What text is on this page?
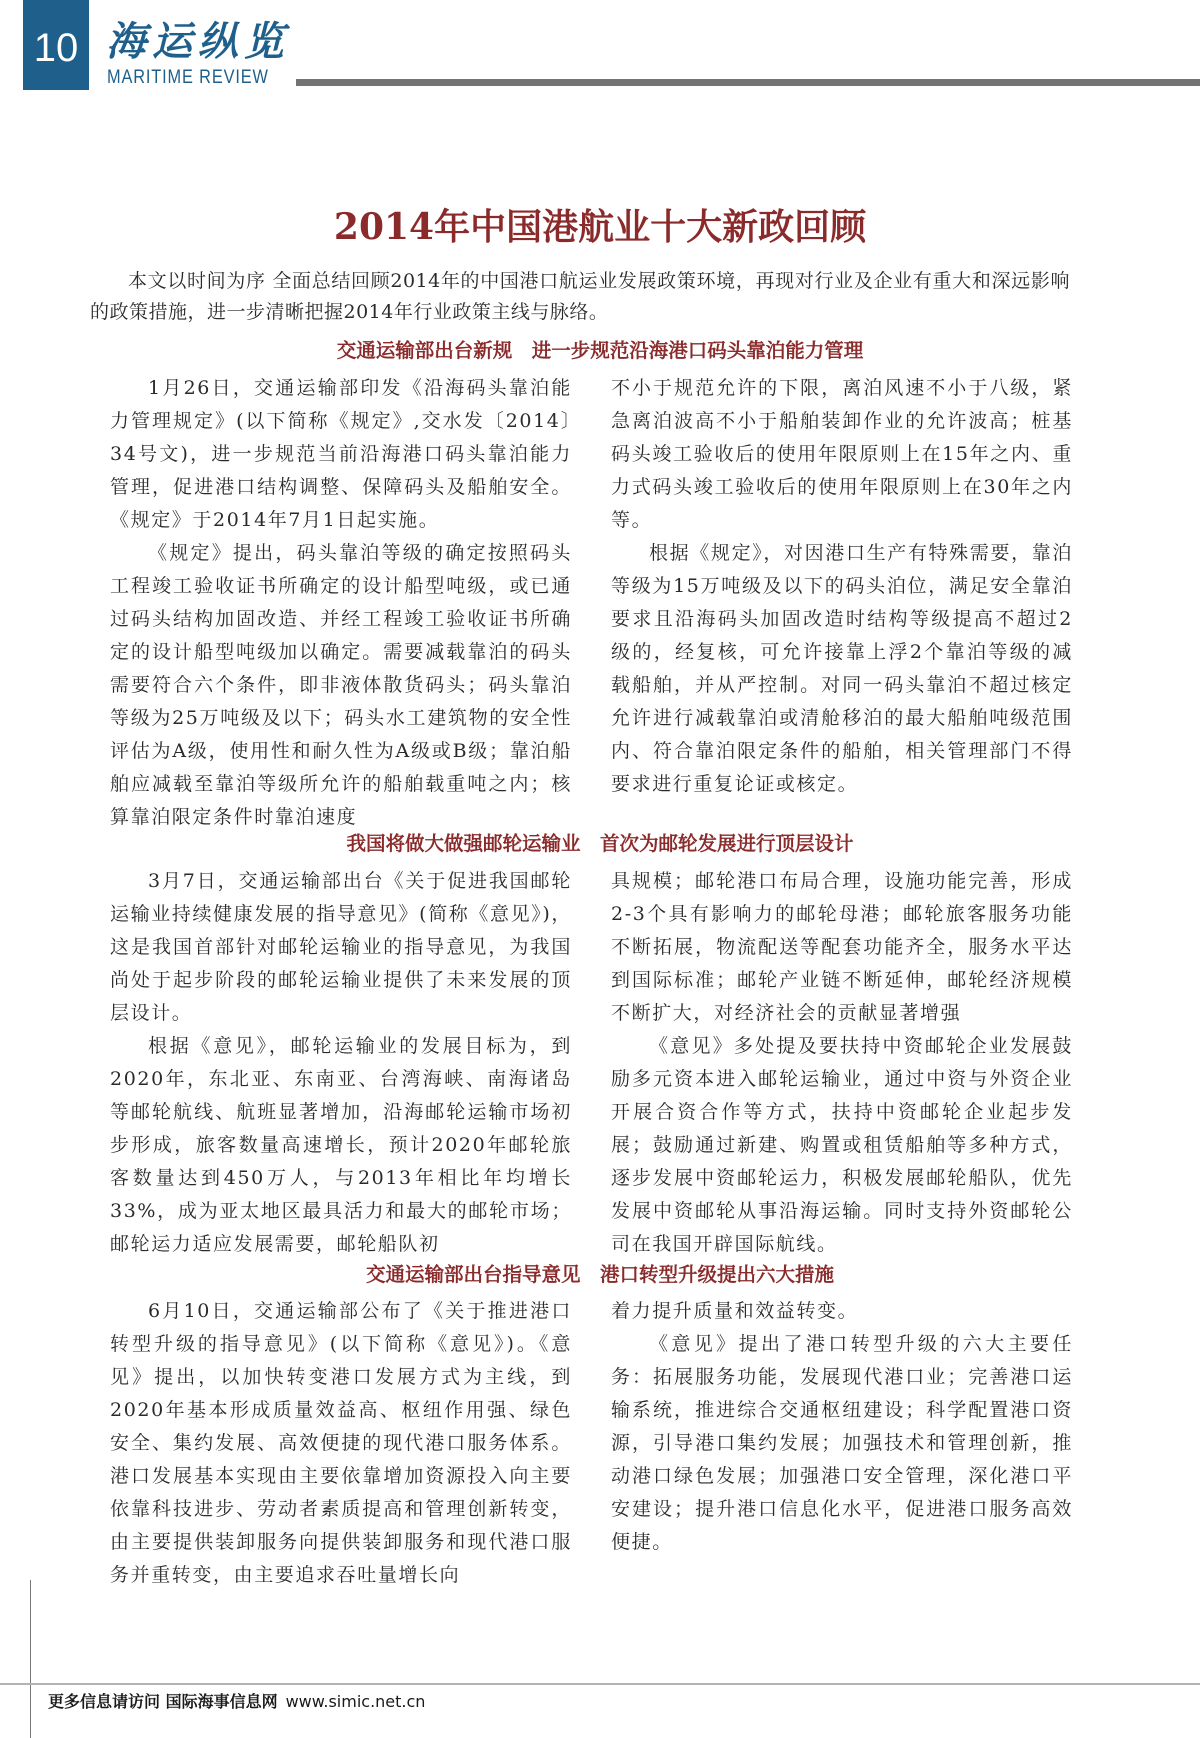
10 海运纵览
MARITIME REVIEW
2014年中国港航业十大新政回顾
本文以时间为序 全面总结回顾2014年的中国港口航运业发展政策环境，再现对行业及企业有重大和深远影响的政策措施，进一步清晰把握2014年行业政策主线与脉络。
交通运输部出台新规　进一步规范沿海港口码头靠泊能力管理

1月26日，交通运输部印发《沿海码头靠泊能力管理规定》(以下简称《规定》,交水发〔2014〕34号文)，进一步规范当前沿海港口码头靠泊能力管理，促进港口结构调整、保障码头及船舶安全。《规定》于2014年7月1日起实施。

《规定》提出，码头靠泊等级的确定按照码头工程竣工验收证书所确定的设计船型吨级，或已通过码头结构加固改造、并经工程竣工验收证书所确定的设计船型吨级加以确定。需要减载靠泊的码头需要符合六个条件，即非液体散货码头；码头靠泊等级为25万吨级及以下；码头水工建筑物的安全性评估为A级，使用性和耐久性为A级或B级；靠泊船舶应减载至靠泊等级所允许的船舶载重吨之内；核算靠泊限定条件时靠泊速度

不小于规范允许的下限，离泊风速不小于八级，紧急离泊波高不小于船舶装卸作业的允许波高；桩基码头竣工验收后的使用年限原则上在15年之内、重力式码头竣工验收后的使用年限原则上在30年之内等。

根据《规定》，对因港口生产有特殊需要，靠泊等级为15万吨级及以下的码头泊位，满足安全靠泊要求且沿海码头加固改造时结构等级提高不超过2级的，经复核，可允许接靠上浮2个靠泊等级的减载船舶，并从严控制。对同一码头靠泊不超过核定允许进行减载靠泊或清舱移泊的最大船舶吨级范围内、符合靠泊限定条件的船舶，相关管理部门不得要求进行重复论证或核定。

我国将做大做强邮轮运输业　首次为邮轮发展进行顶层设计

3月7日，交通运输部出台《关于促进我国邮轮运输业持续健康发展的指导意见》(简称《意见》)，这是我国首部针对邮轮运输业的指导意见，为我国尚处于起步阶段的邮轮运输业提供了未来发展的顶层设计。

根据《意见》，邮轮运输业的发展目标为，到2020年，东北亚、东南亚、台湾海峡、南海诸岛等邮轮航线、航班显著增加，沿海邮轮运输市场初步形成，旅客数量高速增长，预计2020年邮轮旅客数量达到450万人，与2013年相比年均增长33%，成为亚太地区最具活力和最大的邮轮市场；邮轮运力适应发展需要，邮轮船队初

具规模；邮轮港口布局合理，设施功能完善，形成2-3个具有影响力的邮轮母港；邮轮旅客服务功能不断拓展，物流配送等配套功能齐全，服务水平达到国际标准；邮轮产业链不断延伸，邮轮经济规模不断扩大，对经济社会的贡献显著增强

《意见》多处提及要扶持中资邮轮企业发展鼓励多元资本进入邮轮运输业，通过中资与外资企业开展合资合作等方式，扶持中资邮轮企业起步发展；鼓励通过新建、购置或租赁船舶等多种方式，逐步发展中资邮轮运力，积极发展邮轮船队，优先发展中资邮轮从事沿海运输。同时支持外资邮轮公司在我国开辟国际航线。

交通运输部出台指导意见　港口转型升级提出六大措施

6月10日，交通运输部公布了《关于推进港口转型升级的指导意见》(以下简称《意见》)。《意见》提出，以加快转变港口发展方式为主线，到2020年基本形成质量效益高、枢纽作用强、绿色安全、集约发展、高效便捷的现代港口服务体系。港口发展基本实现由主要依靠增加资源投入向主要依靠科技进步、劳动者素质提高和管理创新转变，由主要提供装卸服务向提供装卸服务和现代港口服务并重转变，由主要追求吞吐量增长向

着力提升质量和效益转变。

《意见》提出了港口转型升级的六大主要任务：拓展服务功能，发展现代港口业；完善港口运输系统，推进综合交通枢纽建设；科学配置港口资源，引导港口集约发展；加强技术和管理创新，推动港口绿色发展；加强港口安全管理，深化港口平安建设；提升港口信息化水平，促进港口服务高效便捷。

更多信息请访问 国际海事信息网 www.simic.net.cn
